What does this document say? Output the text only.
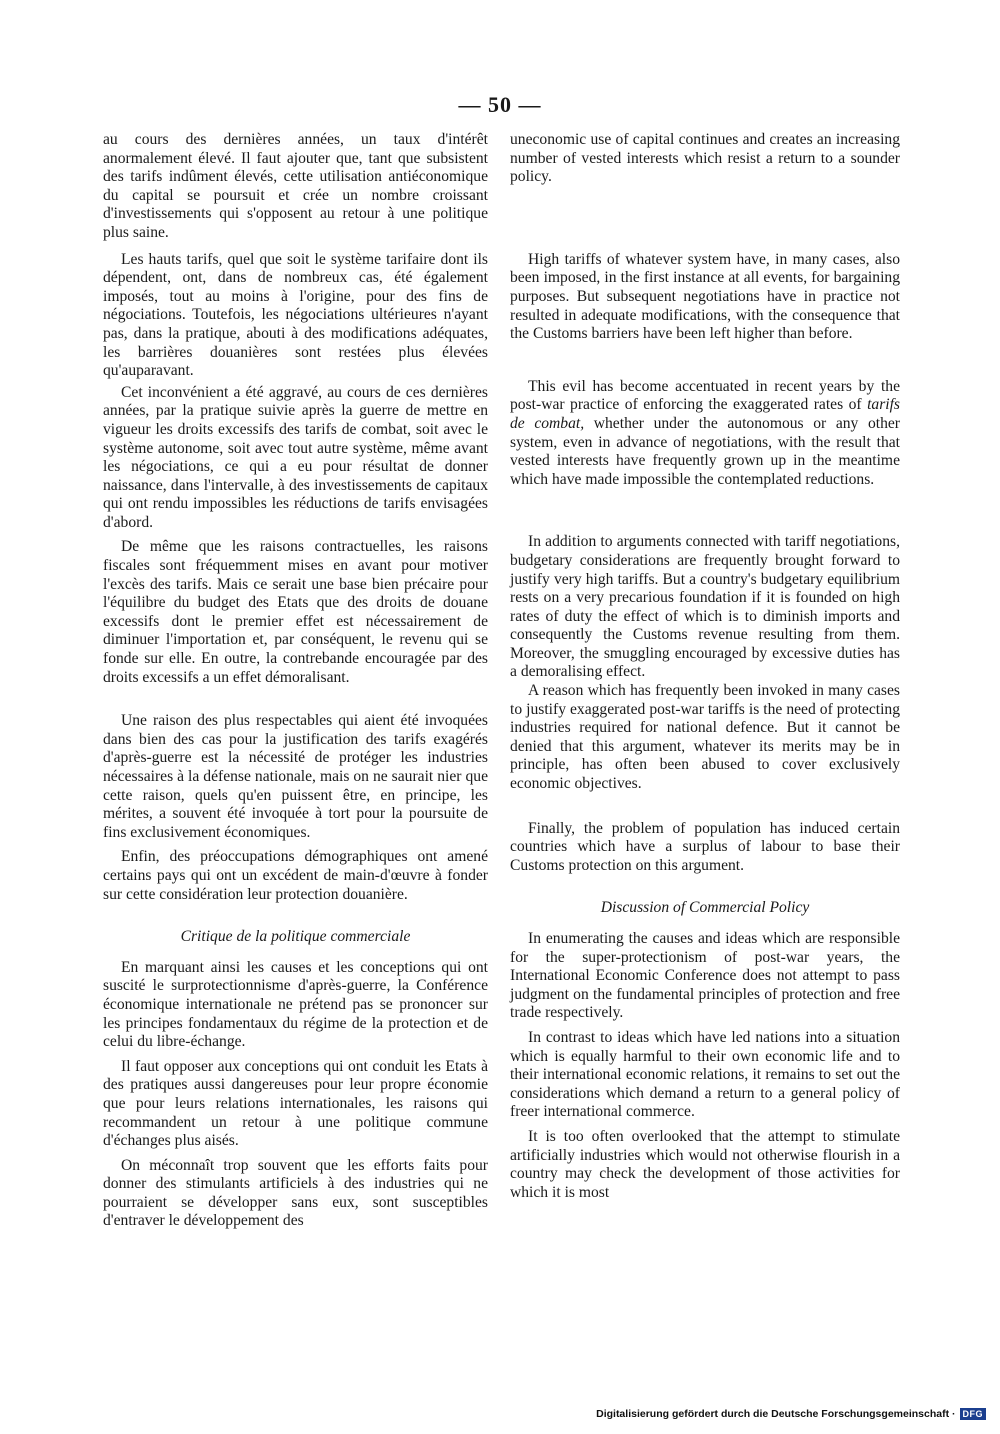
— 50 —

au cours des dernières années, un taux d'intérêt anormalement élevé. Il faut ajouter que, tant que subsistent des tarifs indûment élevés, cette utilisation antiéconomique du capital se poursuit et crée un nombre croissant d'investissements qui s'opposent au retour à une politique plus saine.

Les hauts tarifs, quel que soit le système tarifaire dont ils dépendent, ont, dans de nombreux cas, été également imposés, tout au moins à l'origine, pour des fins de négociations. Toutefois, les négociations ultérieures n'ayant pas, dans la pratique, abouti à des modifications adéquates, les barrières douanières sont restées plus élevées qu'auparavant.

Cet inconvénient a été aggravé, au cours de ces dernières années, par la pratique suivie après la guerre de mettre en vigueur les droits excessifs des tarifs de combat, soit avec le système autonome, soit avec tout autre système, même avant les négociations, ce qui a eu pour résultat de donner naissance, dans l'intervalle, à des investissements de capitaux qui ont rendu impossibles les réductions de tarifs envisagées d'abord.

De même que les raisons contractuelles, les raisons fiscales sont fréquemment mises en avant pour motiver l'excès des tarifs. Mais ce serait une base bien précaire pour l'équilibre du budget des Etats que des droits de douane excessifs dont le premier effet est nécessairement de diminuer l'importation et, par conséquent, le revenu qui se fonde sur elle. En outre, la contrebande encouragée par des droits excessifs a un effet démoralisant.

Une raison des plus respectables qui aient été invoquées dans bien des cas pour la justification des tarifs exagérés d'après-guerre est la nécessité de protéger les industries nécessaires à la défense nationale, mais on ne saurait nier que cette raison, quels qu'en puissent être, en principe, les mérites, a souvent été invoquée à tort pour la poursuite de fins exclusivement économiques.

Enfin, des préoccupations démographiques ont amené certains pays qui ont un excédent de main-d'œuvre à fonder sur cette considération leur protection douanière.

Critique de la politique commerciale

En marquant ainsi les causes et les conceptions qui ont suscité le surprotectionnisme d'après-guerre, la Conférence économique internationale ne prétend pas se prononcer sur les principes fondamentaux du régime de la protection et de celui du libre-échange.

Il faut opposer aux conceptions qui ont conduit les Etats à des pratiques aussi dangereuses pour leur propre économie que pour leurs relations internationales, les raisons qui recommandent un retour à une politique commune d'échanges plus aisés.

On méconnaît trop souvent que les efforts faits pour donner des stimulants artificiels à des industries qui ne pourraient se développer sans eux, sont susceptibles d'entraver le développement des

uneconomic use of capital continues and creates an increasing number of vested interests which resist a return to a sounder policy.

High tariffs of whatever system have, in many cases, also been imposed, in the first instance at all events, for bargaining purposes. But subsequent negotiations have in practice not resulted in adequate modifications, with the consequence that the Customs barriers have been left higher than before.

This evil has become accentuated in recent years by the post-war practice of enforcing the exaggerated rates of tarifs de combat, whether under the autonomous or any other system, even in advance of negotiations, with the result that vested interests have frequently grown up in the meantime which have made impossible the contemplated reductions.

In addition to arguments connected with tariff negotiations, budgetary considerations are frequently brought forward to justify very high tariffs. But a country's budgetary equilibrium rests on a very precarious foundation if it is founded on high rates of duty the effect of which is to diminish imports and consequently the Customs revenue resulting from them. Moreover, the smuggling encouraged by excessive duties has a demoralising effect.

A reason which has frequently been invoked in many cases to justify exaggerated post-war tariffs is the need of protecting industries required for national defence. But it cannot be denied that this argument, whatever its merits may be in principle, has often been abused to cover exclusively economic objectives.

Finally, the problem of population has induced certain countries which have a surplus of labour to base their Customs protection on this argument.

Discussion of Commercial Policy

In enumerating the causes and ideas which are responsible for the super-protectionism of post-war years, the International Economic Conference does not attempt to pass judgment on the fundamental principles of protection and free trade respectively.

In contrast to ideas which have led nations into a situation which is equally harmful to their own economic life and to their international economic relations, it remains to set out the considerations which demand a return to a general policy of freer international commerce.

It is too often overlooked that the attempt to stimulate artificially industries which would not otherwise flourish in a country may check the development of those activities for which it is most

Digitalisierung gefördert durch die Deutsche Forschungsgemeinschaft · DFG
